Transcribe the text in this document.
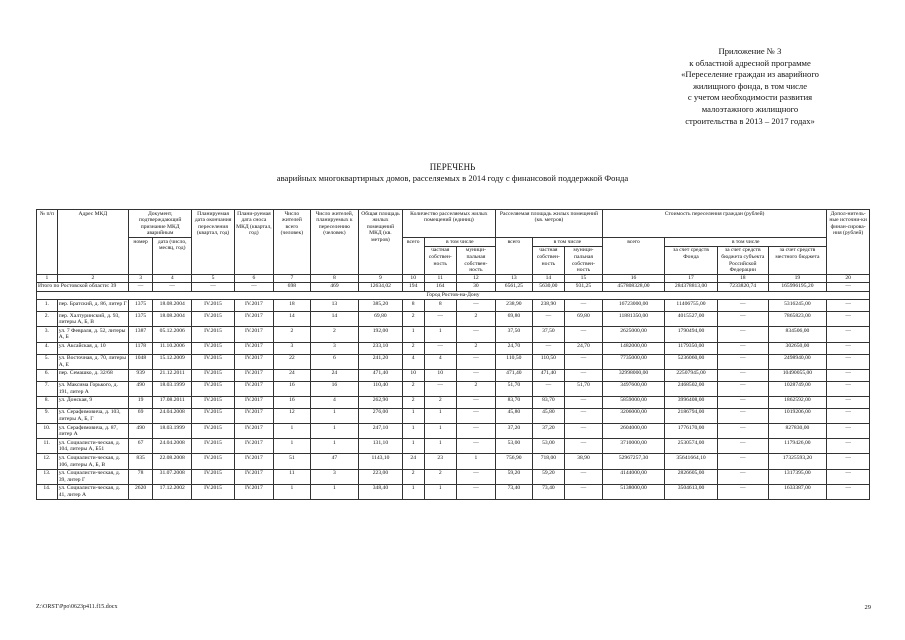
Приложение № 3
к областной адресной программе
«Переселение граждан из аварийного
жилищного фонда, в том числе
с учетом необходимости развития
малоэтажного жилищного
строительства в 2013 – 2017 годах»
ПЕРЕЧЕНЬ
аварийных многоквартирных домов, расселяемых в 2014 году с финансовой поддержкой Фонда
№ п/п	Адрес МКД	Документ, подтверждающий признание МКД аварийным		Планируемая дата окончания переселения (квартал, год)	Плани-руемая дата сноса МКД (квартал, год)	Число жителей всего (человек)	Число жителей, планируемых к переселению (человек)	Общая площадь жилых помещений МКД (кв. метров)	Количество расселяемых жилых помещений (единиц)			Расселяемая площадь жилых помещений (кв. метров)			Стоимость переселения граждан (рублей)				Допол-нитель-ные источни-ки финан-сирова-ния (рублей)
		номер	дата (число, месяц, год)						всего	в том числе		всего	в том числе		всего	в том числе			
										частная собствен-ность	муници-пальная собствен-ность		частная собствен-ность	муници-пальная собствен-ность		за счет средств Фонда	за счет средств бюджета субъекта Российской Федерации	за счет средств местного бюджета	
1	2	3	4	5	6	7	8	9	10	11	12	13	14	15	16	17	18	19	20
Итого по Ростовской области: 39		—	—	—	—	698	469	12634,02	194	164	30	6561,25	5630,00	931,25	457808328,00	284378813,00	7233820,74	165996195,20	—
Город Ростов-на-Дону																			
1.	пер. Братский, д. 86, литер Г	1375	18.08.2004	IV.2015	IV.2017	18	13	385,20	8	8	—	238,90	238,90	—	16723000,00	11406755,00	—	5316245,00	—
2.	пер. Халтуринский, д. 93, литеры А, Б, В	1375	18.08.2004	IV.2015	IV.2017	14	14	69,80	2	—	2	69,80	—	69,80	11881350,00	4015527,00	—	7865823,00	—
3.	ул. 7 Февраля, д. 52, литеры А, Б	1387	05.12.2006	IV.2015	IV.2017	2	2	192,00	1	1	—	37,50	37,50	—	2625000,00	1790494,00	—	834506,00	—
4.	ул. Аксайская, д. 10	1178	11.10.2006	IV.2015	IV.2017	3	3	233,10	2	—	2	24,70	—	24,70	1482000,00	1179350,00	—	302650,00	—
5.	ул. Восточная, д. 70, литеры А, Е	1048	15.12.2009	IV.2015	IV.2017	22	6	241,20	4	4	—	110,50	110,50	—	7735000,00	5236060,00	—	2498940,00	—
6.	пер. Семашко, д. 32/68	939	21.12.2011	IV.2015	IV.2017	24	24	471,40	10	10	—	471,40	471,40	—	32998000,00	22507945,00	—	10490055,00	—
7.	ул. Максима Горького, д. 191, литер А	490	18.03.1999	IV.2015	IV.2017	16	16	110,40	2	—	2	51,70	—	51,70	3497600,00	2468502,00	—	1028749,00	—
8.	ул. Донская, 9	19	17.08.2011	IV.2015	IV.2017	16	4	262,90	2	2	—	83,70	83,70	—	5859000,00	3996408,00	—	1862592,00	—
9.	ул. Серафимовича, д. 103, литеры А, Б, Г	69	24.04.2008	IV.2015	IV.2017	12	1	276,00	1	1	—	45,80	45,80	—	3206000,00	2186794,00	—	1019206,00	—
10.	ул. Серафимовича, д. 87, литер А	490	18.03.1999	IV.2015	IV.2017	1	1	247,10	1	1	—	37,20	37,20	—	2604000,00	1776170,00	—	827830,00	—
11.	ул. Социалисти-ческая, д. 104, литеры А, Б51	67	24.04.2008	IV.2015	IV.2017	1	1	131,10	1	1	—	53,00	53,00	—	3710000,00	2530574,00	—	1179426,00	—
12.	ул. Социалисти-ческая, д. 106, литеры А, Б, В	835	22.08.2008	IV.2015	IV.2017	51	47	1143,10	24	23	1	756,90	718,00	38,90	52967257,30	35641664,10	—	17325593,20	—
13.	ул. Социалисти-ческая, д. 39, литер Г	78	31.07.2008	IV.2015	IV.2017	11	3	223,00	2	2	—	59,20	59,20	—	4144000,00	2826605,00	—	1317395,00	—
14.	ул. Социалисти-ческая, д. 41, литер А	2620	17.12.2002	IV.2015	IV.2017	1	1	348,40	1	1	—	73,40	73,40	—	5138000,00	3504613,00	—	1633387,00	—
Z:\ORST\Ppo\0623p411.f15.docx	29
